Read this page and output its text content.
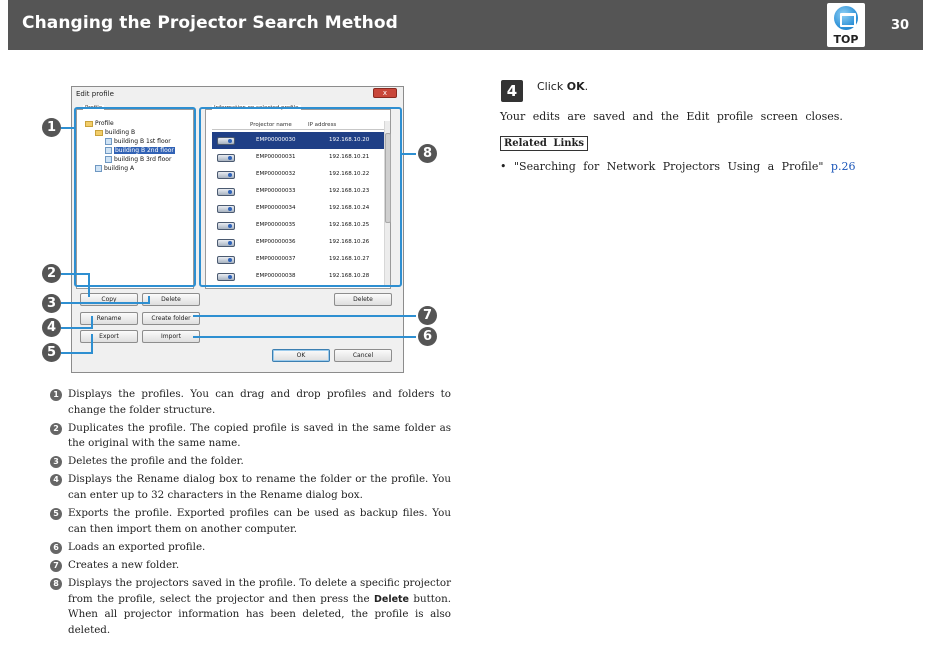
Changing the Projector Search Method
TOP
30
Edit profile	x
Profile
Profile
building B
building B 1st floor
building B 2nd floor
building B 3rd floor
building A
Information on selected profile
Projector name	IP address
EMP00000030	192.168.10.20
EMP00000031	192.168.10.21
EMP00000032	192.168.10.22
EMP00000033	192.168.10.23
EMP00000034	192.168.10.24
EMP00000035	192.168.10.25
EMP00000036	192.168.10.26
EMP00000037	192.168.10.27
EMP00000038	192.168.10.28
Copy	Delete
Rename	Create folder
Export	Import
Delete
OK	Cancel
1
2
3
4
5
6
7
8
1 Displays the profiles. You can drag and drop profiles and folders to change the folder structure.
2 Duplicates the profile. The copied profile is saved in the same folder as the original with the same name.
3 Deletes the profile and the folder.
4 Displays the Rename dialog box to rename the folder or the profile. You can enter up to 32 characters in the Rename dialog box.
5 Exports the profile. Exported profiles can be used as backup files. You can then import them on another computer.
6 Loads an exported profile.
7 Creates a new folder.
8 Displays the projectors saved in the profile. To delete a specific projector from the profile, select the projector and then press the Delete button. When all projector information has been deleted, the profile is also deleted.
4	Click OK.
Your edits are saved and the Edit profile screen closes.
Related Links
• "Searching for Network Projectors Using a Profile" p.26
